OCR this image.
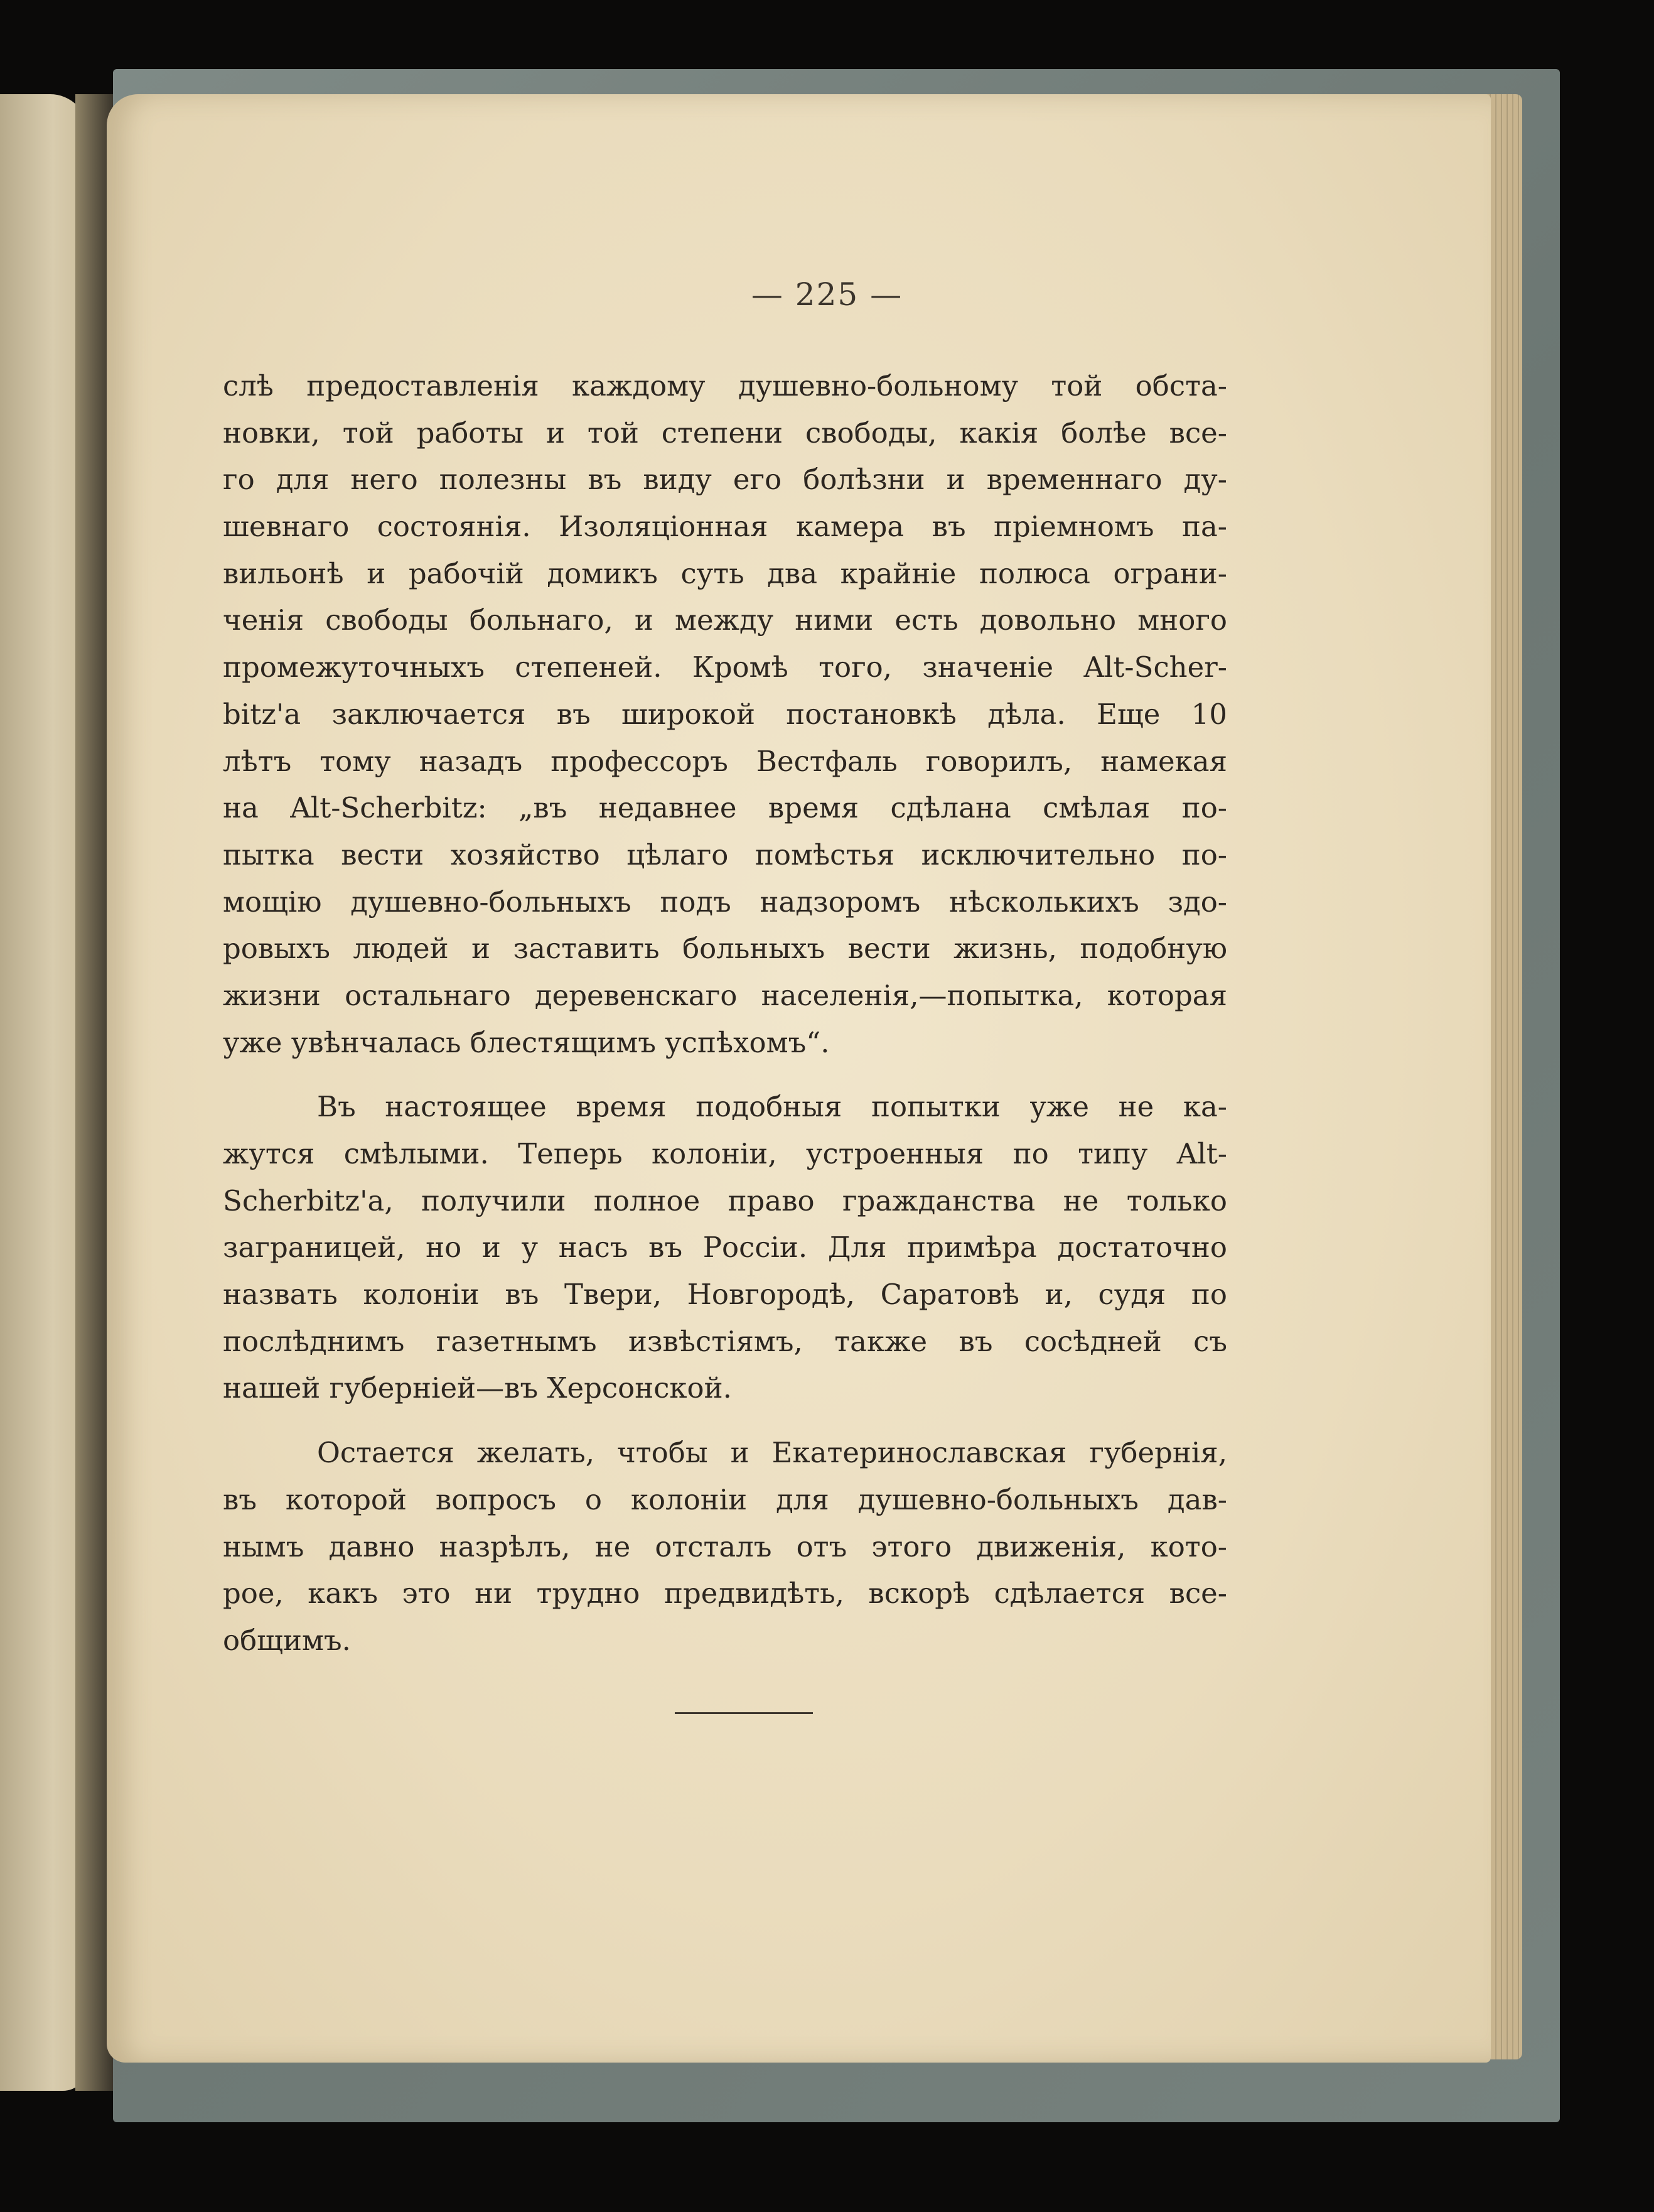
— 225 —
слѣ предоставленія каждому душевно-больному той обста-
новки, той работы и той степени свободы, какія болѣе все-
го для него полезны въ виду его болѣзни и временнаго ду-
шевнаго состоянія. Изоляціонная камера въ пріемномъ па-
вильонѣ и рабочій домикъ суть два крайніе полюса ограни-
ченія свободы больнаго, и между ними есть довольно много
промежуточныхъ степеней. Кромѣ того, значеніе Alt-Scher-
bitz'а заключается въ широкой постановкѣ дѣла. Еще 10
лѣтъ тому назадъ профессоръ Вестфаль говорилъ, намекая
на Alt-Scherbitz: „въ недавнее время сдѣлана смѣлая по-
пытка вести хозяйство цѣлаго помѣстья исключительно по-
мощію душевно-больныхъ подъ надзоромъ нѣсколькихъ здо-
ровыхъ людей и заставить больныхъ вести жизнь, подобную
жизни остальнаго деревенскаго населенія,—попытка, которая
уже увѣнчалась блестящимъ успѣхомъ“.
Въ настоящее время подобныя попытки уже не ка-
жутся смѣлыми. Теперь колоніи, устроенныя по типу Alt-
Scherbitz'а, получили полное право гражданства не только
заграницей, но и у насъ въ Россіи. Для примѣра достаточно
назвать колоніи въ Твери, Новгородѣ, Саратовѣ и, судя по
послѣднимъ газетнымъ извѣстіямъ, также въ сосѣдней съ
нашей губерніей—въ Херсонской.
Остается желать, чтобы и Екатеринославская губернія,
въ которой вопросъ о колоніи для душевно-больныхъ дав-
нымъ давно назрѣлъ, не отсталъ отъ этого движенія, кото-
рое, какъ это ни трудно предвидѣть, вскорѣ сдѣлается все-
общимъ.
